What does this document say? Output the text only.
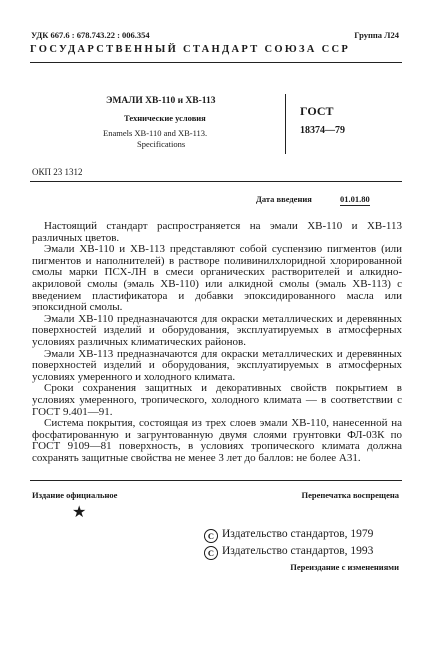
УДК 667.6 : 678.743.22 : 006.354	Группа Л24
ГОСУДАРСТВЕННЫЙ СТАНДАРТ СОЮЗА ССР
ЭМАЛИ ХВ-110 и ХВ-113
Технические условия
Enamels XB-110 and XB-113.
Specifications
ГОСТ
18374—79
ОКП 23 1312
Дата введения	01.01.80

Настоящий стандарт распространяется на эмали ХВ-110 и ХВ-113 различных цветов.

Эмали ХВ-110 и ХВ-113 представляют собой суспензию пигментов (или пигментов и наполнителей) в растворе поливинилхлоридной хлорированной смолы марки ПСХ-ЛН в смеси органических растворителей и алкидно-акриловой смолы (эмаль ХВ-110) или алкидной смолы (эмаль ХВ-113) с введением пластификатора и добавки эпоксидированного масла или эпоксидной смолы.

Эмали ХВ-110 предназначаются для окраски металлических и деревянных поверхностей изделий и оборудования, эксплуатируемых в атмосферных условиях различных климатических районов.

Эмали ХВ-113 предназначаются для окраски металлических и деревянных поверхностей изделий и оборудования, эксплуатируемых в атмосферных условиях умеренного и холодного климата.

Сроки сохранения защитных и декоративных свойств покрытием в условиях умеренного, тропического, холодного климата — в соответствии с ГОСТ 9.401—91.

Система покрытия, состоящая из трех слоев эмали ХВ-110, нанесенной на фосфатированную и загрунтованную двумя слоями грунтовки ФЛ-03К по ГОСТ 9109—81 поверхность, в условиях тропического климата должна сохранять защитные свойства не менее 3 лет до баллов: не более А31.

Издание официальное	Перепечатка воспрещена
★
С Издательство стандартов, 1979
С Издательство стандартов, 1993
Переиздание с изменениями
